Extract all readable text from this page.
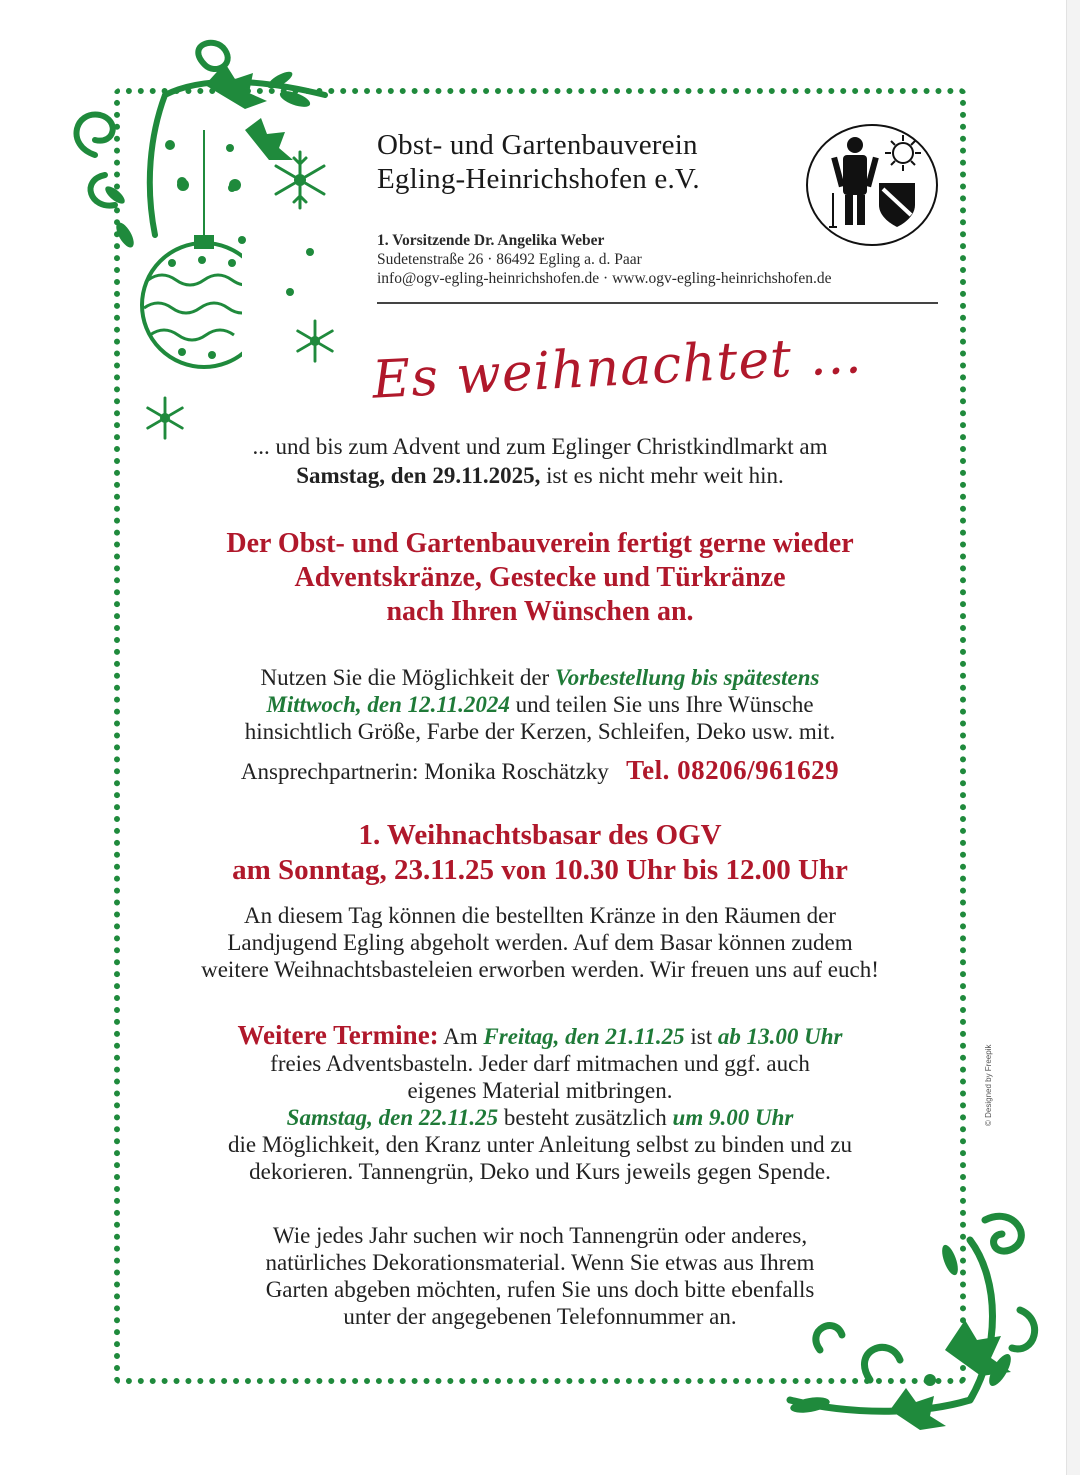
Obst- und Gartenbauverein
Egling-Heinrichshofen e.V.
1. Vorsitzende Dr. Angelika Weber
Sudetenstraße 26 · 86492 Egling a. d. Paar
info@ogv-egling-heinrichshofen.de · www.ogv-egling-heinrichshofen.de
Es weihnachtet ...
... und bis zum Advent und zum Eglinger Christkindlmarkt am
Samstag, den 29.11.2025, ist es nicht mehr weit hin.
Der Obst- und Gartenbauverein fertigt gerne wieder
Adventskränze, Gestecke und Türkränze
nach Ihren Wünschen an.
Nutzen Sie die Möglichkeit der Vorbestellung bis spätestens
Mittwoch, den 12.11.2024 und teilen Sie uns Ihre Wünsche
hinsichtlich Größe, Farbe der Kerzen, Schleifen, Deko usw. mit.
Ansprechpartnerin: Monika Roschätzky Tel. 08206/961629
1. Weihnachtsbasar des OGV
am Sonntag, 23.11.25 von 10.30 Uhr bis 12.00 Uhr
An diesem Tag können die bestellten Kränze in den Räumen der
Landjugend Egling abgeholt werden. Auf dem Basar können zudem
weitere Weihnachtsbasteleien erworben werden. Wir freuen uns auf euch!
Weitere Termine: Am Freitag, den 21.11.25 ist ab 13.00 Uhr
freies Adventsbasteln. Jeder darf mitmachen und ggf. auch
eigenes Material mitbringen.
Samstag, den 22.11.25 besteht zusätzlich um 9.00 Uhr
die Möglichkeit, den Kranz unter Anleitung selbst zu binden und zu
dekorieren. Tannengrün, Deko und Kurs jeweils gegen Spende.
Wie jedes Jahr suchen wir noch Tannengrün oder anderes,
natürliches Dekorationsmaterial. Wenn Sie etwas aus Ihrem
Garten abgeben möchten, rufen Sie uns doch bitte ebenfalls
unter der angegebenen Telefonnummer an.
© Designed by Freepik
